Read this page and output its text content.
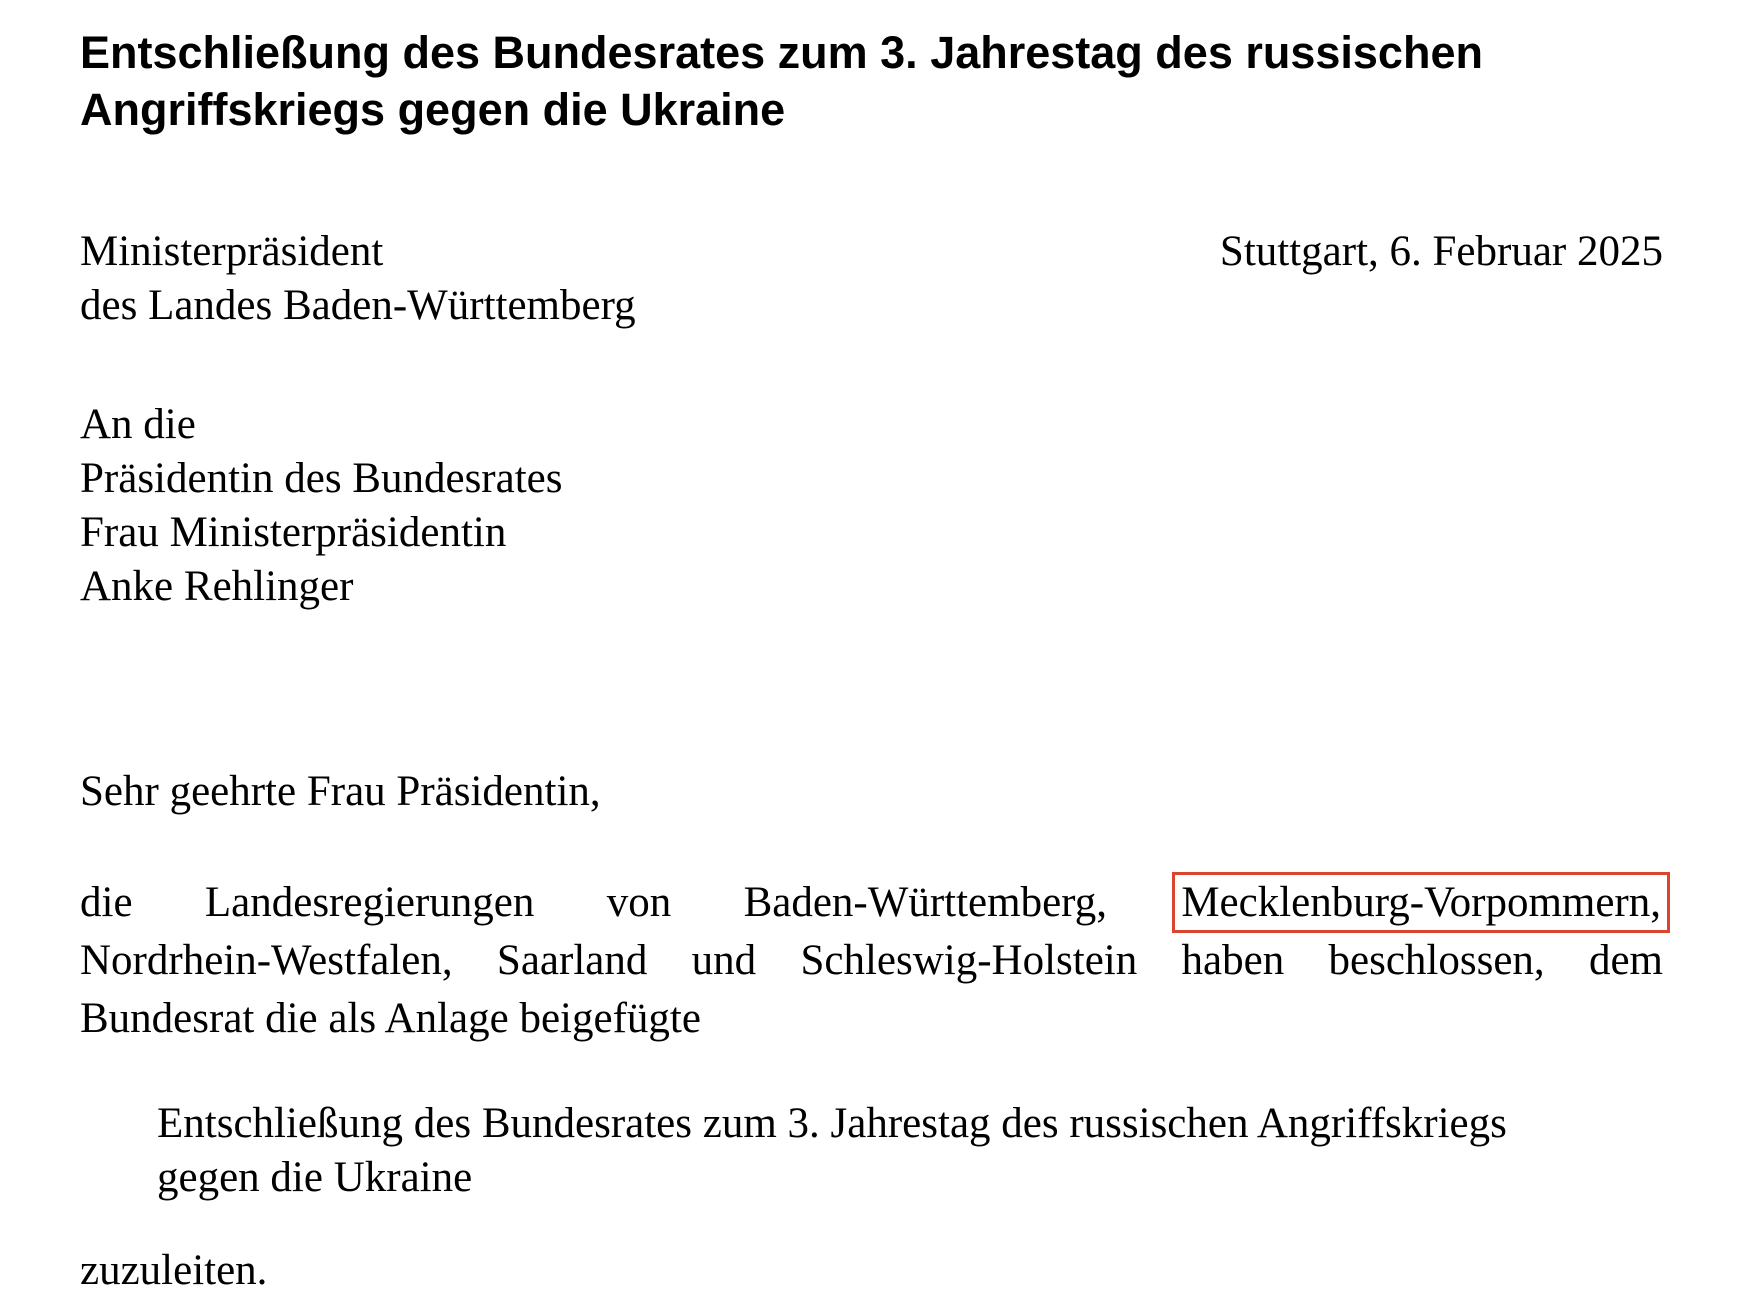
Entschließung des Bundesrates zum 3. Jahrestag des russischen Angriffskriegs gegen die Ukraine
Ministerpräsident
des Landes Baden-Württemberg
Stuttgart, 6. Februar 2025
An die
Präsidentin des Bundesrates
Frau Ministerpräsidentin
Anke Rehlinger
Sehr geehrte Frau Präsidentin,
die Landesregierungen von Baden-Württemberg, Mecklenburg-Vorpommern,
Nordrhein-Westfalen, Saarland und Schleswig-Holstein haben beschlossen, dem
Bundesrat die als Anlage beigefügte
Entschließung des Bundesrates zum 3. Jahrestag des russischen Angriffskriegs
gegen die Ukraine
zuzuleiten.
